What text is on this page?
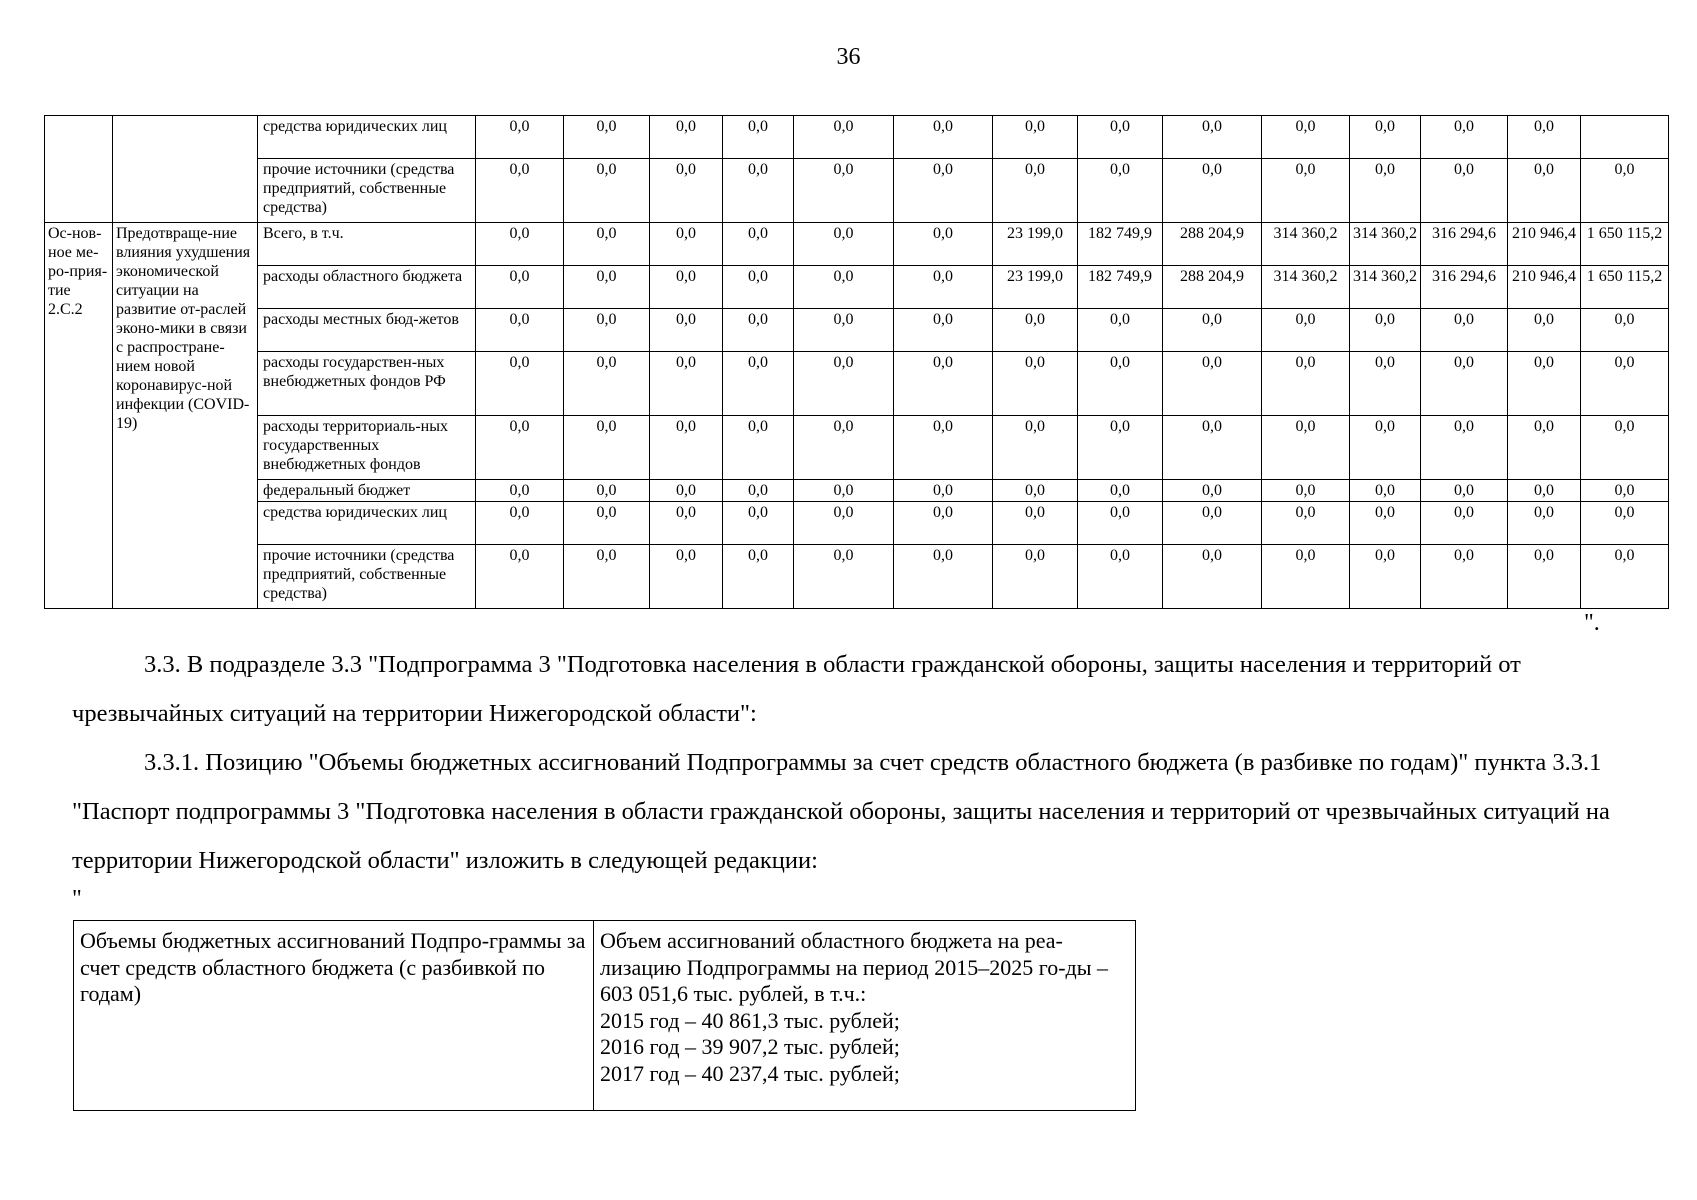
36
		средства юридических лиц	0,0	0,0	0,0	0,0	0,0	0,0	0,0	0,0	0,0	0,0	0,0	0,0	0,0	
		прочие источники (средства предприятий, собственные средства)	0,0	0,0	0,0	0,0	0,0	0,0	0,0	0,0	0,0	0,0	0,0	0,0	0,0	0,0
Ос-нов-ное ме-ро-прия-тие 2.С.2	Предотвраще-ние влияния ухудшения экономической ситуации на развитие от-раслей эконо-мики в связи с распростране-нием новой коронавирус-ной инфекции (COVID-19)	Всего, в т.ч.	0,0	0,0	0,0	0,0	0,0	0,0	23 199,0	182 749,9	288 204,9	314 360,2	314 360,2	316 294,6	210 946,4	1 650 115,2
		расходы областного бюджета	0,0	0,0	0,0	0,0	0,0	0,0	23 199,0	182 749,9	288 204,9	314 360,2	314 360,2	316 294,6	210 946,4	1 650 115,2
		расходы местных бюд-жетов	0,0	0,0	0,0	0,0	0,0	0,0	0,0	0,0	0,0	0,0	0,0	0,0	0,0	0,0
		расходы государствен-ных внебюджетных фондов РФ	0,0	0,0	0,0	0,0	0,0	0,0	0,0	0,0	0,0	0,0	0,0	0,0	0,0	0,0
		расходы территориаль-ных государственных внебюджетных фондов	0,0	0,0	0,0	0,0	0,0	0,0	0,0	0,0	0,0	0,0	0,0	0,0	0,0	0,0
		федеральный бюджет	0,0	0,0	0,0	0,0	0,0	0,0	0,0	0,0	0,0	0,0	0,0	0,0	0,0	0,0
		средства юридических лиц	0,0	0,0	0,0	0,0	0,0	0,0	0,0	0,0	0,0	0,0	0,0	0,0	0,0	0,0
		прочие источники (средства предприятий, собственные средства)	0,0	0,0	0,0	0,0	0,0	0,0	0,0	0,0	0,0	0,0	0,0	0,0	0,0	0,0
".

3.3. В подразделе 3.3 "Подпрограмма 3 "Подготовка населения в области гражданской обороны, защиты населения и территорий от чрезвычайных ситуаций на территории Нижегородской области":

3.3.1. Позицию "Объемы бюджетных ассигнований Подпрограммы за счет средств областного бюджета (в разбивке по годам)" пункта 3.3.1 "Паспорт подпрограммы 3 "Подготовка населения в области гражданской обороны, защиты населения и территорий от чрезвычайных ситуаций на территории Нижегородской области" изложить в следующей редакции:

"
Объемы бюджетных ассигнований Подпро-граммы за счет средств областного бюджета (с разбивкой по годам)	
Объем ассигнований областного бюджета на реа-лизацию Подпрограммы на период 2015–2025 го-ды – 603 051,6 тыс. рублей, в т.ч.:
2015 год – 40 861,3 тыс. рублей;
2016 год – 39 907,2 тыс. рублей;
2017 год – 40 237,4 тыс. рублей;
